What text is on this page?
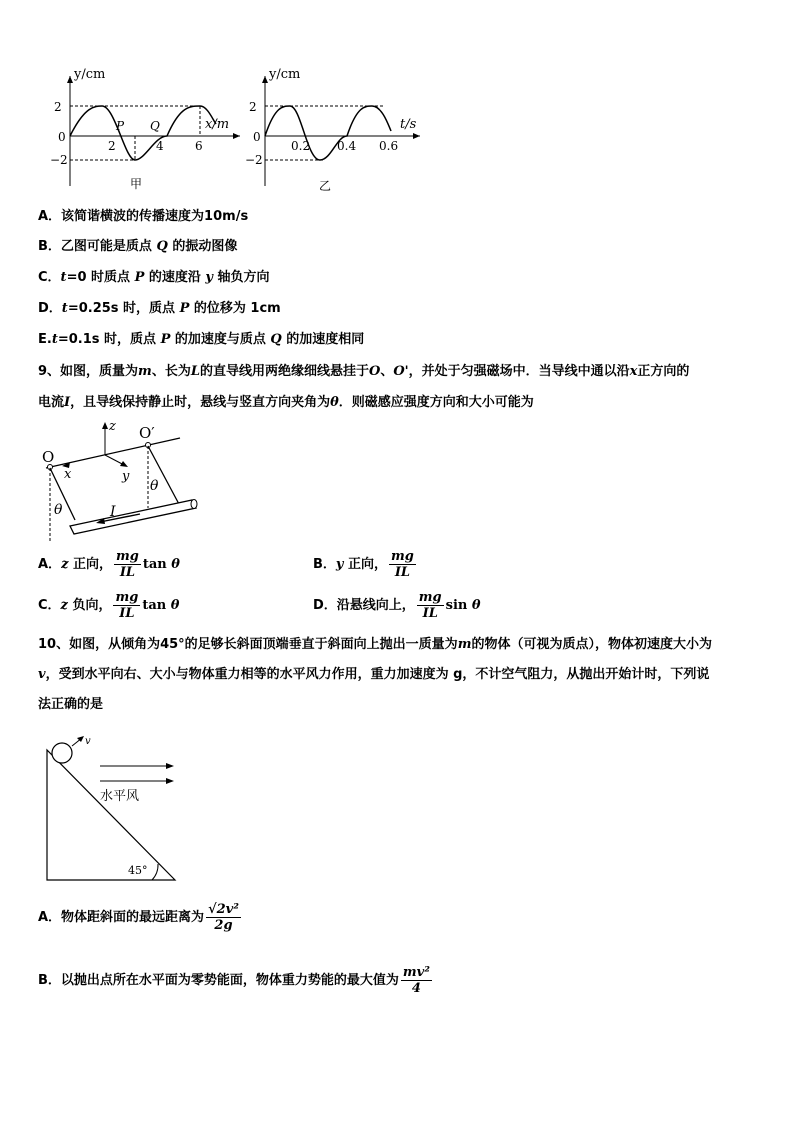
y/cm
x/m
2
−2
0
2	4	6
P Q
甲
y/cm
t/s
2
−2
0
0.2 0.4 0.6
乙
A．该简谐横波的传播速度为10m/s
B．乙图可能是质点 Q 的振动图像
C．t=0 时质点 P 的速度沿 y 轴负方向
D．t=0.25s 时，质点 P 的位移为 1cm
E.t=0.1s 时，质点 P 的加速度与质点 Q 的加速度相同
9、如图，质量为m、长为L的直导线用两绝缘细线悬挂于O、O'，并处于匀强磁场中．当导线中通以沿x正方向的
电流I，且导线保持静止时，悬线与竖直方向夹角为θ．则磁感应强度方向和大小可能为
O
O′
x	y
z
I
θ
θ
A．z 正向， $\frac{mg}{IL}$ tan θ	B．y 正向， $\frac{mg}{IL}$
C．z 负向， $\frac{mg}{IL}$ tan θ	D．沿悬线向上， $\frac{mg}{IL}$ sin θ
10、如图，从倾角为45°的足够长斜面顶端垂直于斜面向上抛出一质量为m的物体（可视为质点），物体初速度大小为
v，受到水平向右、大小与物体重力相等的水平风力作用，重力加速度为 g，不计空气阻力，从抛出开始计时，下列说
法正确的是
v
水平风
45°
A．物体距斜面的最远距离为 $\frac{\text{√2v²}}{2g}$
B．以抛出点所在水平面为零势能面，物体重力势能的最大值为 $\frac{\text{mv²}}{4}$
